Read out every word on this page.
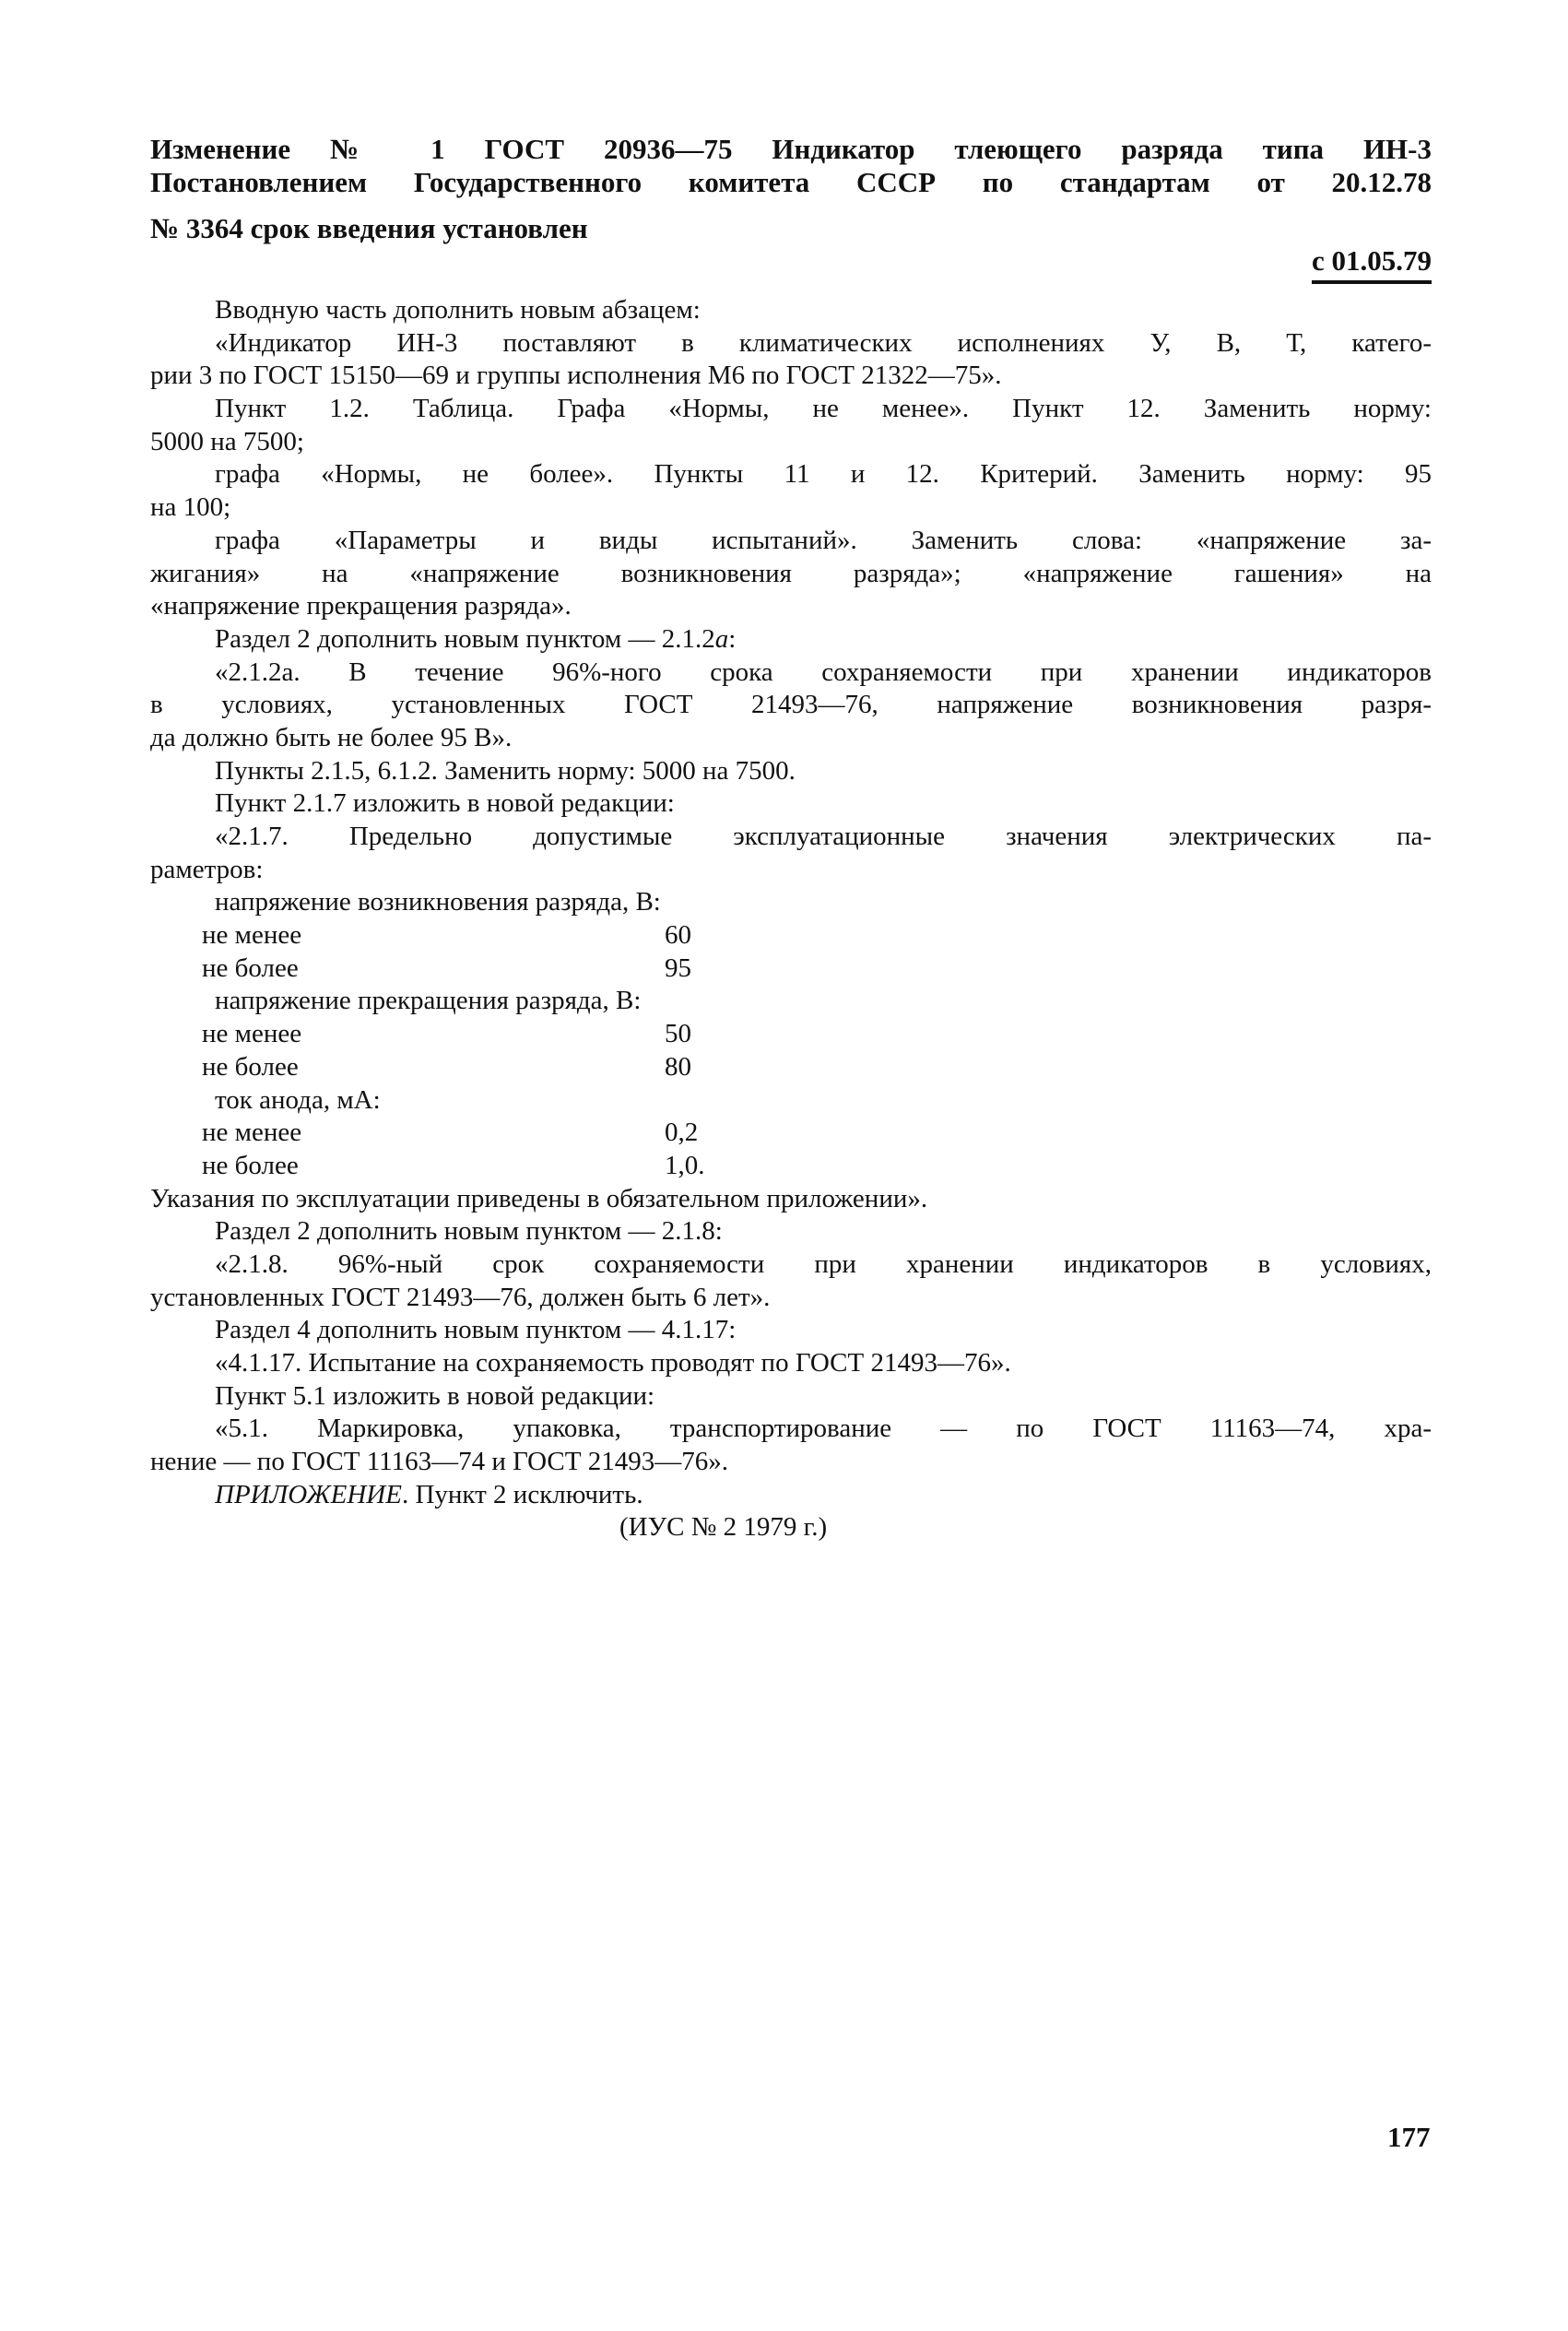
Изменение № 1 ГОСТ 20936—75 Индикатор тлеющего разряда типа ИН-3
Постановлением Государственного комитета СССР по стандартам от 20.12.78
№ 3364 срок введения установлен
с 01.05.79
Вводную часть дополнить новым абзацем:
«Индикатор ИН-3 поставляют в климатических исполнениях У, В, Т, катего-
рии 3 по ГОСТ 15150—69 и группы исполнения М6 по ГОСТ 21322—75».
Пункт 1.2. Таблица. Графа «Нормы, не менее». Пункт 12. Заменить норму:
5000 на 7500;
графа «Нормы, не более». Пункты 11 и 12. Критерий. Заменить норму: 95
на 100;
графа «Параметры и виды испытаний». Заменить слова: «напряжение за-
жигания» на «напряжение возникновения разряда»; «напряжение гашения» на
«напряжение прекращения разряда».
Раздел 2 дополнить новым пунктом — 2.1.2а:
«2.1.2а. В течение 96%-ного срока сохраняемости при хранении индикаторов
в условиях, установленных ГОСТ 21493—76, напряжение возникновения разря-
да должно быть не более 95 В».
Пункты 2.1.5, 6.1.2. Заменить норму: 5000 на 7500.
Пункт 2.1.7 изложить в новой редакции:
«2.1.7. Предельно допустимые эксплуатационные значения электрических па-
раметров:
напряжение возникновения разряда, В:
не менее	60
не более	95
напряжение прекращения разряда, В:
не менее	50
не более	80
ток анода, мА:
не менее	0,2
не более	1,0.
Указания по эксплуатации приведены в обязательном приложении».
Раздел 2 дополнить новым пунктом — 2.1.8:
«2.1.8. 96%-ный срок сохраняемости при хранении индикаторов в условиях,
установленных ГОСТ 21493—76, должен быть 6 лет».
Раздел 4 дополнить новым пунктом — 4.1.17:
«4.1.17. Испытание на сохраняемость проводят по ГОСТ 21493—76».
Пункт 5.1 изложить в новой редакции:
«5.1. Маркировка, упаковка, транспортирование — по ГОСТ 11163—74, хра-
нение — по ГОСТ 11163—74 и ГОСТ 21493—76».
ПРИЛОЖЕНИЕ. Пункт 2 исключить.
(ИУС № 2 1979 г.)
177
